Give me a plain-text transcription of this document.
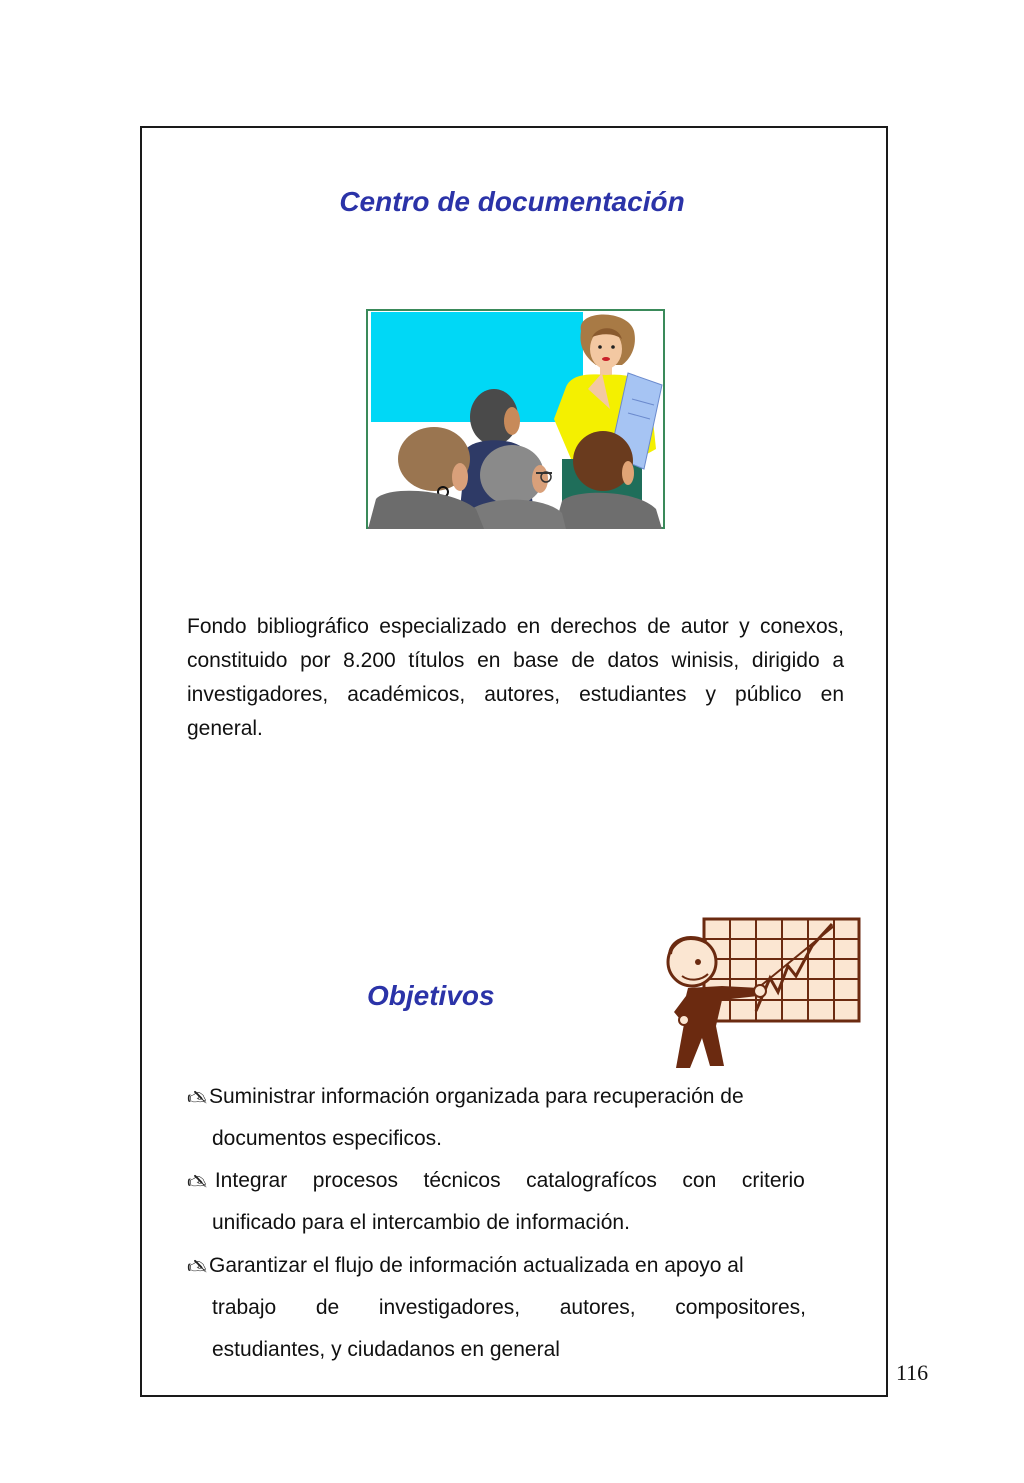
Centro de documentación

Fondo bibliográfico especializado en derechos de autor y conexos, constituido por 8.200 títulos en base de datos winisis, dirigido a investigadores, académicos, autores, estudiantes y público en general.

Objetivos
🖎Suministrar información organizada para recuperación de
documentos especificos.
🖎 Integrar procesos técnicos catalografícos con criterio
unificado para el intercambio de información.
🖎Garantizar el flujo de información actualizada en apoyo al
trabajo de investigadores, autores, compositores,
estudiantes, y ciudadanos en general
116
